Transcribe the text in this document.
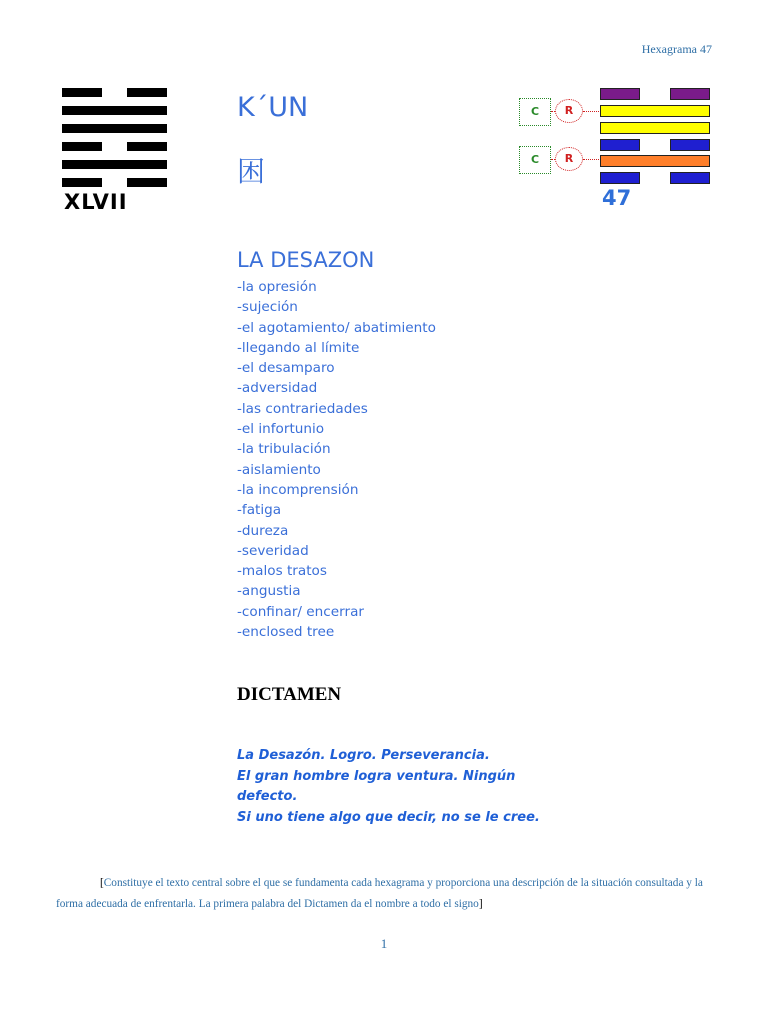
Hexagrama 47
XLVII
K´UN
困
C	R
C	R
47
LA DESAZON
-la opresión
-sujeción
-el agotamiento/ abatimiento
-llegando al límite
-el desamparo
-adversidad
-las contrariedades
-el infortunio
-la tribulación
-aislamiento
-la incomprensión
-fatiga
-dureza
-severidad
-malos tratos
-angustia
-confinar/ encerrar
-enclosed tree
DICTAMEN
La Desazón. Logro. Perseverancia.
El gran hombre logra ventura. Ningún
defecto.
Si uno tiene algo que decir, no se le cree.
[Constituye el texto central sobre el que se fundamenta cada hexagrama y proporciona una descripción de la situación consultada y la forma adecuada de enfrentarla. La primera palabra del Dictamen da el nombre a todo el signo]
1
